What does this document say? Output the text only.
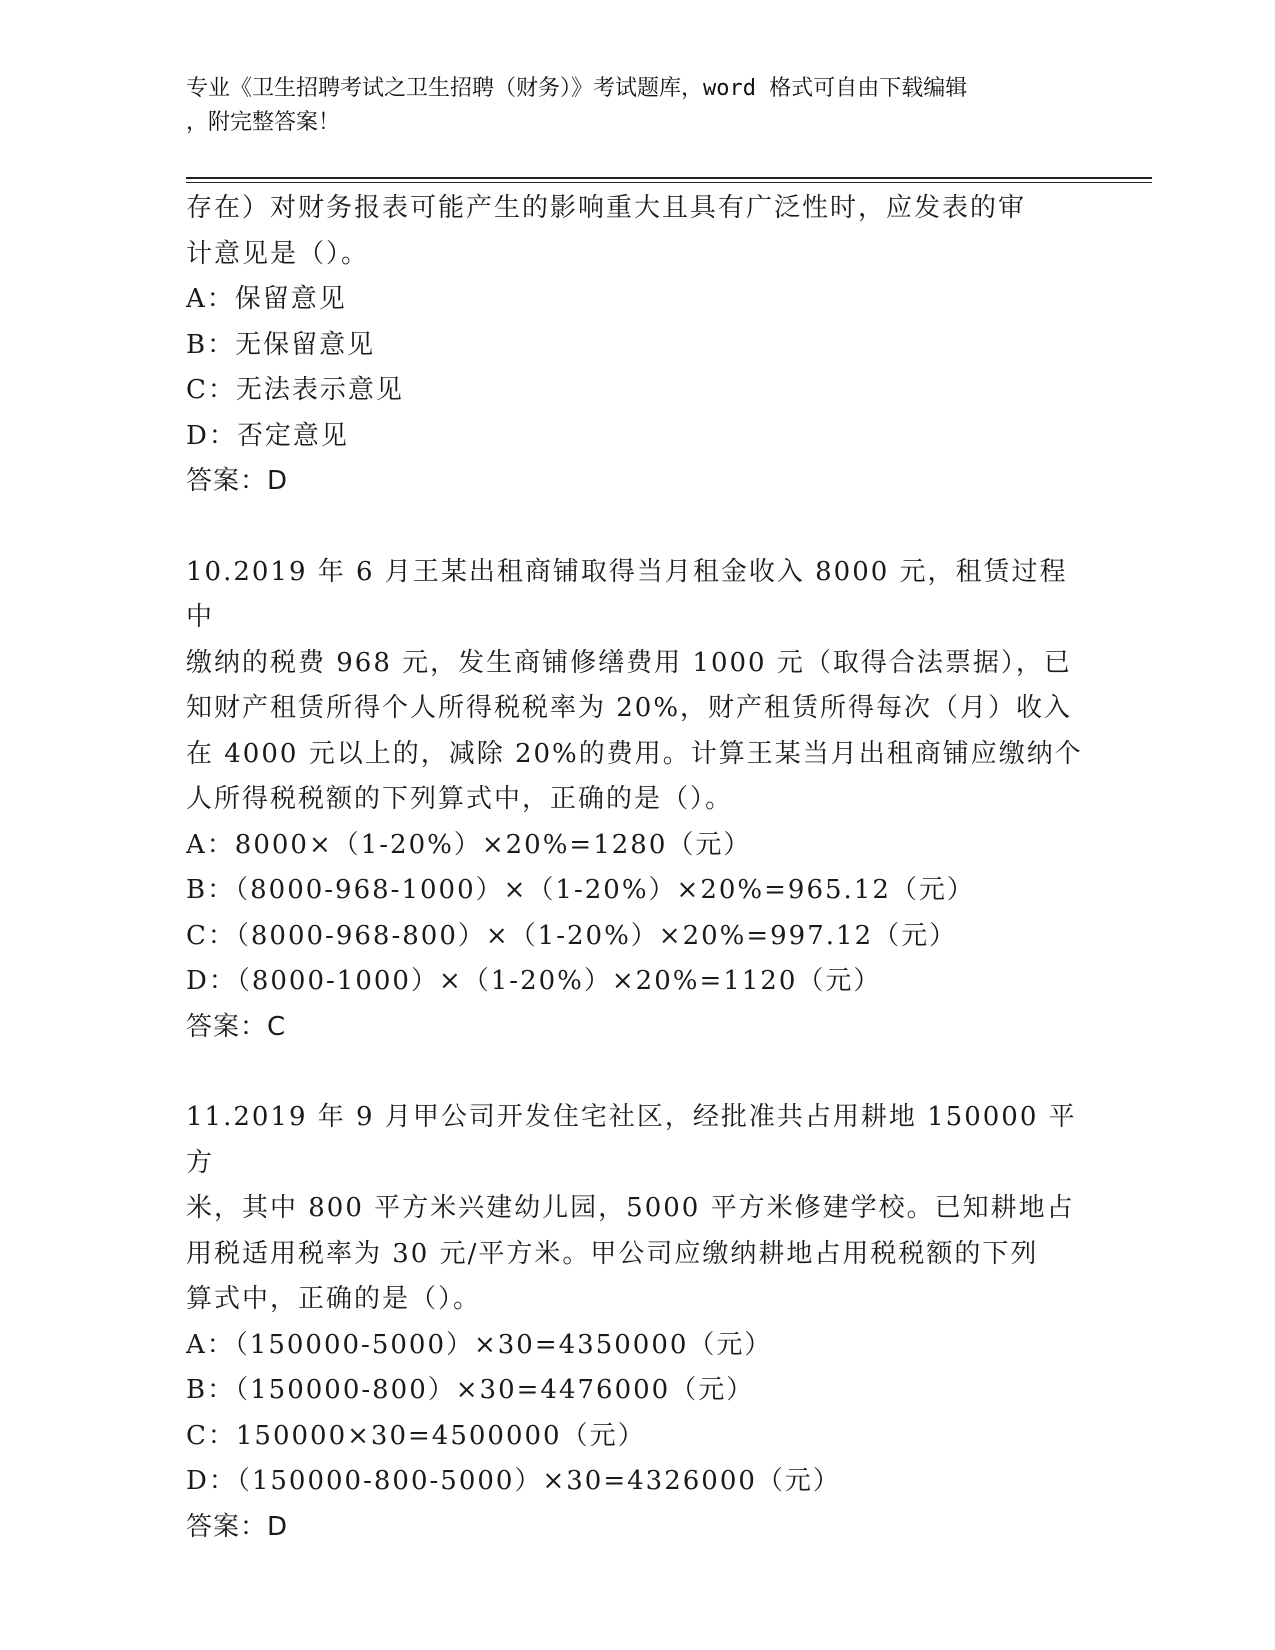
专业《卫生招聘考试之卫生招聘（财务）》考试题库，word 格式可自由下载编辑
，附完整答案！

存在）对财务报表可能产生的影响重大且具有广泛性时，应发表的审

计意见是（）。

A：保留意见

B：无保留意见

C：无法表示意见

D：否定意见

答案：D

10.2019 年 6 月王某出租商铺取得当月租金收入 8000 元，租赁过程中

缴纳的税费 968 元，发生商铺修缮费用 1000 元（取得合法票据），已

知财产租赁所得个人所得税税率为 20%，财产租赁所得每次（月）收入

在 4000 元以上的，减除 20%的费用。计算王某当月出租商铺应缴纳个

人所得税税额的下列算式中，正确的是（）。

A：8000×（1-20%）×20%=1280（元）

B：（8000-968-1000）×（1-20%）×20%=965.12（元）

C：（8000-968-800）×（1-20%）×20%=997.12（元）

D：（8000-1000）×（1-20%）×20%=1120（元）

答案：C

11.2019 年 9 月甲公司开发住宅社区，经批准共占用耕地 150000 平方

米，其中 800 平方米兴建幼儿园，5000 平方米修建学校。已知耕地占

用税适用税率为 30 元/平方米。甲公司应缴纳耕地占用税税额的下列

算式中，正确的是（）。

A：（150000-5000）×30=4350000（元）

B：（150000-800）×30=4476000（元）

C：150000×30=4500000（元）

D：（150000-800-5000）×30=4326000（元）

答案：D
